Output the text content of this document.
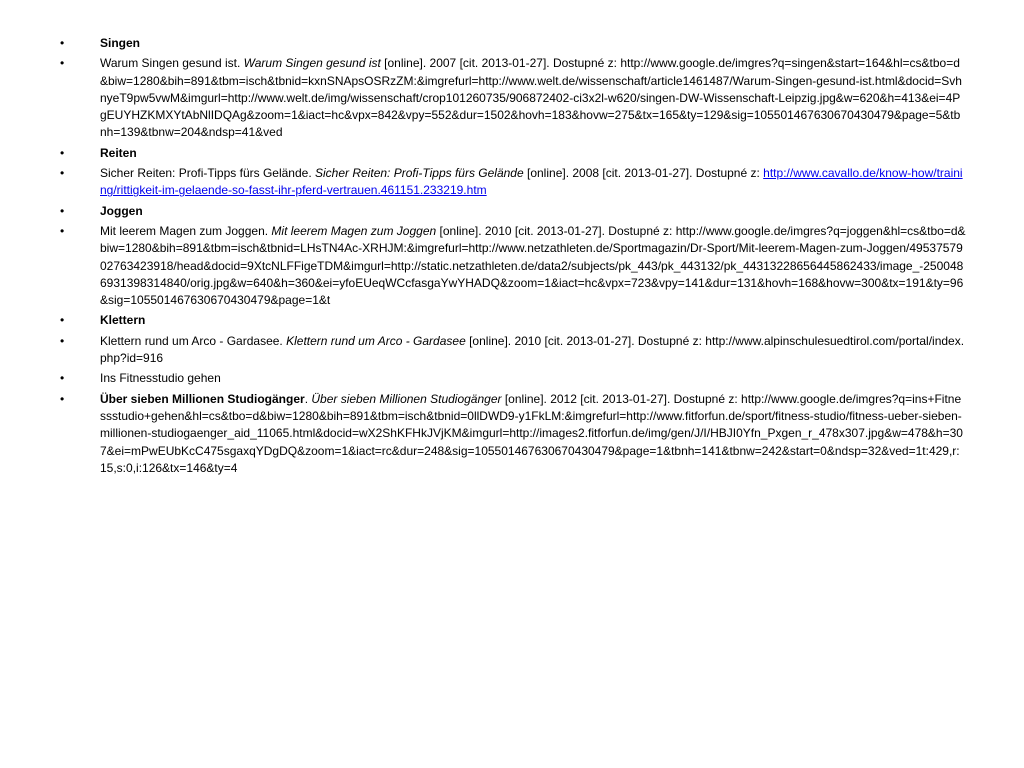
• Singen
• Warum Singen gesund ist. Warum Singen gesund ist [online]. 2007 [cit. 2013-01-27]. Dostupné z: http://www.google.de/imgres?q=singen&start=164&hl=cs&tbo=d&biw=1280&bih=891&tbm=isch&tbnid=kxnSNApsOSRzZM:&imgrefurl=http://www.welt.de/wissenschaft/article1461487/Warum-Singen-gesund-ist.html&docid=SvhnyeT9pw5vwM&imgurl=http://www.welt.de/img/wissenschaft/crop101260735/906872402-ci3x2l-w620/singen-DW-Wissenschaft-Leipzig.jpg&w=620&h=413&ei=4PgEUYHZKMXYtAbNlIDQAg&zoom=1&iact=hc&vpx=842&vpy=552&dur=1502&hovh=183&hovw=275&tx=165&ty=129&sig=105501467630670430479&page=5&tbnh=139&tbnw=204&ndsp=41&ved
• Reiten
• Sicher Reiten: Profi-Tipps fürs Gelände. Sicher Reiten: Profi-Tipps fürs Gelände [online]. 2008 [cit. 2013-01-27]. Dostupné z: http://www.cavallo.de/know-how/training/rittigkeit-im-gelaende-so-fasst-ihr-pferd-vertrauen.461151.233219.htm
• Joggen
• Mit leerem Magen zum Joggen. Mit leerem Magen zum Joggen [online]. 2010 [cit. 2013-01-27]. Dostupné z: http://www.google.de/imgres?q=joggen&hl=cs&tbo=d&biw=1280&bih=891&tbm=isch&tbnid=LHsTN4Ac-XRHJM:&imgrefurl=http://www.netzathleten.de/Sportmagazin/Dr-Sport/Mit-leerem-Magen-zum-Joggen/4953757902763423918/head&docid=9XtcNLFFigeTDM&imgurl=http://static.netzathleten.de/data2/subjects/pk_443/pk_443132/pk_44313228656445862433/image_-2500486931398314840/orig.jpg&w=640&h=360&ei=yfoEUeqWCcfasgaYwYHADQ&zoom=1&iact=hc&vpx=723&vpy=141&dur=131&hovh=168&hovw=300&tx=191&ty=96&sig=105501467630670430479&page=1&t
• Klettern
• Klettern rund um Arco - Gardasee. Klettern rund um Arco - Gardasee [online]. 2010 [cit. 2013-01-27]. Dostupné z: http://www.alpinschulesuedtirol.com/portal/index.php?id=916
• Ins Fitnesstudio gehen
• Über sieben Millionen Studiogänger. Über sieben Millionen Studiogänger [online]. 2012 [cit. 2013-01-27]. Dostupné z: http://www.google.de/imgres?q=ins+Fitnessstudio+gehen&hl=cs&tbo=d&biw=1280&bih=891&tbm=isch&tbnid=0llDWD9-y1FkLM:&imgrefurl=http://www.fitforfun.de/sport/fitness-studio/fitness-ueber-sieben-millionen-studiogaenger_aid_11065.html&docid=wX2ShKFHkJVjKM&imgurl=http://images2.fitforfun.de/img/gen/J/I/HBJI0Yfn_Pxgen_r_478x307.jpg&w=478&h=307&ei=mPwEUbKcC475sgaxqYDgDQ&zoom=1&iact=rc&dur=248&sig=105501467630670430479&page=1&tbnh=141&tbnw=242&start=0&ndsp=32&ved=1t:429,r:15,s:0,i:126&tx=146&ty=4
